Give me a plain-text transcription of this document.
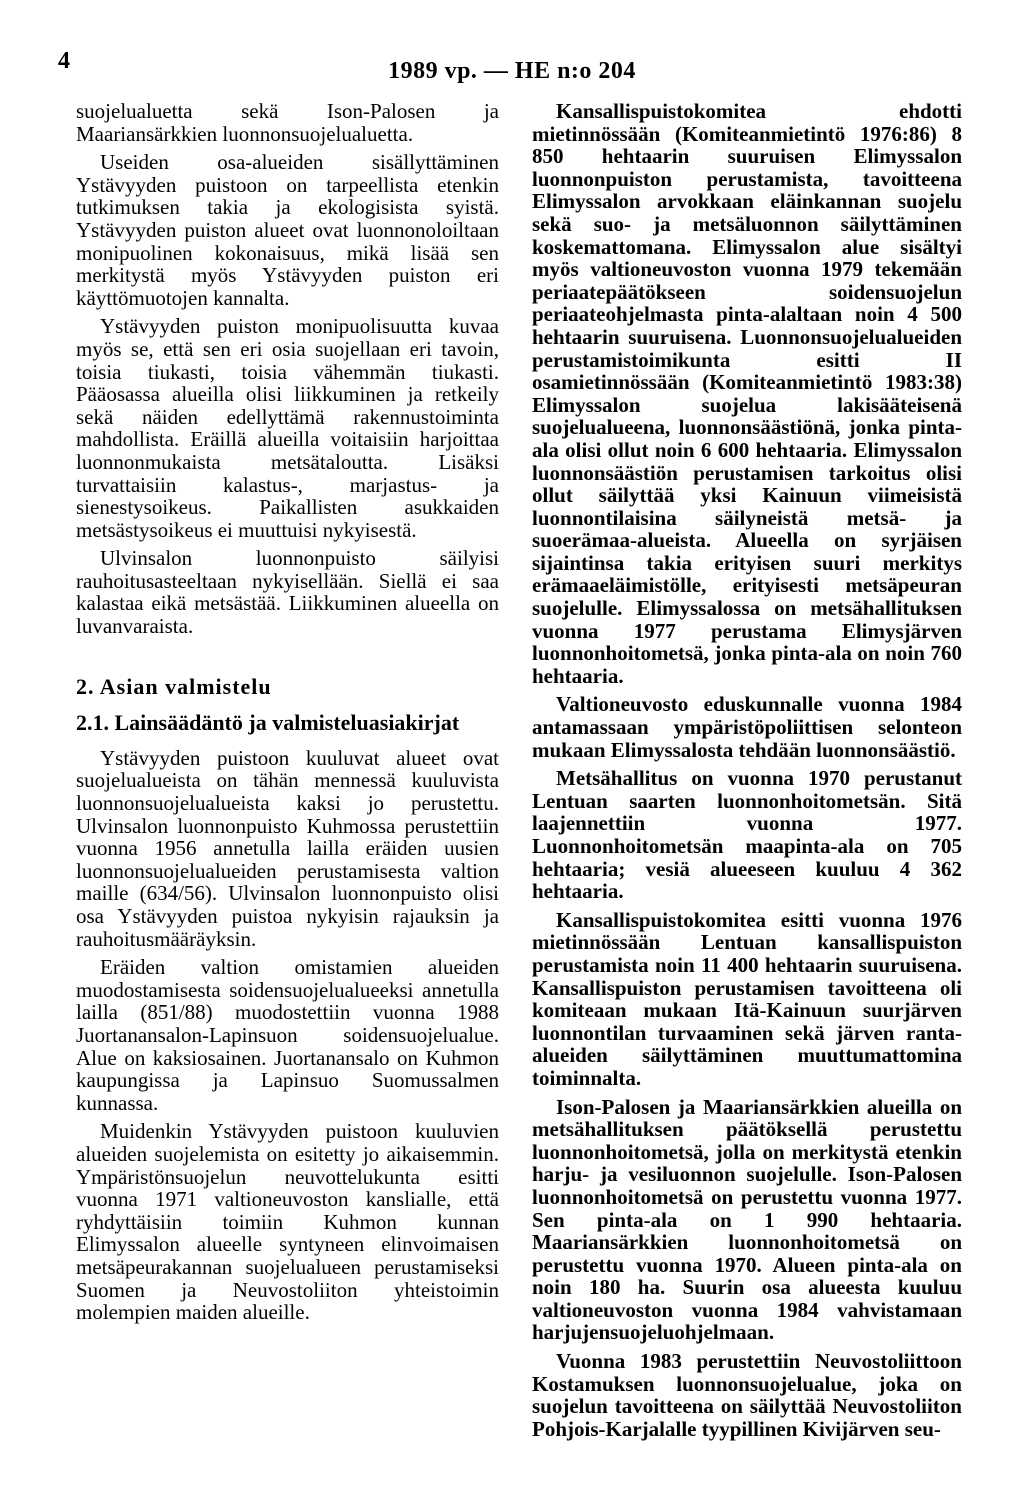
4	1989 vp. — HE n:o 204

suojelualuetta sekä Ison-Palosen ja Maariansärkkien luonnonsuojelualuetta.

Useiden osa-alueiden sisällyttäminen Ystävyyden puistoon on tarpeellista etenkin tutkimuksen takia ja ekologisista syistä. Ystävyyden puiston alueet ovat luonnonoloiltaan monipuolinen kokonaisuus, mikä lisää sen merkitystä myös Ystävyyden puiston eri käyttömuotojen kannalta.

Ystävyyden puiston monipuolisuutta kuvaa myös se, että sen eri osia suojellaan eri tavoin, toisia tiukasti, toisia vähemmän tiukasti. Pääosassa alueilla olisi liikkuminen ja retkeily sekä näiden edellyttämä rakennustoiminta mahdollista. Eräillä alueilla voitaisiin harjoittaa luonnonmukaista metsätaloutta. Lisäksi turvattaisiin kalastus-, marjastus- ja sienestysoikeus. Paikallisten asukkaiden metsästysoikeus ei muuttuisi nykyisestä.

Ulvinsalon luonnonpuisto säilyisi rauhoitusasteeltaan nykyisellään. Siellä ei saa kalastaa eikä metsästää. Liikkuminen alueella on luvanvaraista.

2. Asian valmistelu

2.1. Lainsäädäntö ja valmisteluasiakirjat

Ystävyyden puistoon kuuluvat alueet ovat suojelualueista on tähän mennessä kuuluvista luonnonsuojelualueista kaksi jo perustettu. Ulvinsalon luonnonpuisto Kuhmossa perustettiin vuonna 1956 annetulla lailla eräiden uusien luonnonsuojelualueiden perustamisesta valtion maille (634/56). Ulvinsalon luonnonpuisto olisi osa Ystävyyden puistoa nykyisin rajauksin ja rauhoitusmääräyksin.

Eräiden valtion omistamien alueiden muodostamisesta soidensuojelualueeksi annetulla lailla (851/88) muodostettiin vuonna 1988 Juortanansalon-Lapinsuon soidensuojelualue. Alue on kaksiosainen. Juortanansalo on Kuhmon kaupungissa ja Lapinsuo Suomussalmen kunnassa.

Muidenkin Ystävyyden puistoon kuuluvien alueiden suojelemista on esitetty jo aikaisemmin. Ympäristönsuojelun neuvottelukunta esitti vuonna 1971 valtioneuvoston kanslialle, että ryhdyttäisiin toimiin Kuhmon kunnan Elimyssalon alueelle syntyneen elinvoimaisen metsäpeurakannan suojelualueen perustamiseksi Suomen ja Neuvostoliiton yhteistoimin molempien maiden alueille.

Kansallispuistokomitea ehdotti mietinnössään (Komiteanmietintö 1976:86) 8 850 hehtaarin suuruisen Elimyssalon luonnonpuiston perustamista, tavoitteena Elimyssalon arvokkaan eläinkannan suojelu sekä suo- ja metsäluonnon säilyttäminen koskemattomana. Elimyssalon alue sisältyi myös valtioneuvoston vuonna 1979 tekemään periaatepäätökseen soidensuojelun periaateohjelmasta pinta-alaltaan noin 4 500 hehtaarin suuruisena. Luonnonsuojelualueiden perustamistoimikunta esitti II osamietinnössään (Komiteanmietintö 1983:38) Elimyssalon suojelua lakisääteisenä suojelualueena, luonnonsäästiönä, jonka pinta-ala olisi ollut noin 6 600 hehtaaria. Elimyssalon luonnonsäästiön perustamisen tarkoitus olisi ollut säilyttää yksi Kainuun viimeisistä luonnontilaisina säilyneistä metsä- ja suoerämaa-alueista. Alueella on syrjäisen sijaintinsa takia erityisen suuri merkitys erämaaeläimistölle, erityisesti metsäpeuran suojelulle. Elimyssalossa on metsähallituksen vuonna 1977 perustama Elimysjärven luonnonhoitometsä, jonka pinta-ala on noin 760 hehtaaria.

Valtioneuvosto eduskunnalle vuonna 1984 antamassaan ympäristöpoliittisen selonteon mukaan Elimyssalosta tehdään luonnonsäästiö.

Metsähallitus on vuonna 1970 perustanut Lentuan saarten luonnonhoitometsän. Sitä laajennettiin vuonna 1977. Luonnonhoitometsän maapinta-ala on 705 hehtaaria; vesiä alueeseen kuuluu 4 362 hehtaaria.

Kansallispuistokomitea esitti vuonna 1976 mietinnössään Lentuan kansallispuiston perustamista noin 11 400 hehtaarin suuruisena. Kansallispuiston perustamisen tavoitteena oli komiteaan mukaan Itä-Kainuun suurjärven luonnontilan turvaaminen sekä järven ranta-alueiden säilyttäminen muuttumattomina toiminnalta.

Ison-Palosen ja Maariansärkkien alueilla on metsähallituksen päätöksellä perustettu luonnonhoitometsä, jolla on merkitystä etenkin harju- ja vesiluonnon suojelulle. Ison-Palosen luonnonhoitometsä on perustettu vuonna 1977. Sen pinta-ala on 1 990 hehtaaria. Maariansärkkien luonnonhoitometsä on perustettu vuonna 1970. Alueen pinta-ala on noin 180 ha. Suurin osa alueesta kuuluu valtioneuvoston vuonna 1984 vahvistamaan harjujensuojeluohjelmaan.

Vuonna 1983 perustettiin Neuvostoliittoon Kostamuksen luonnonsuojelualue, joka on suojelun tavoitteena on säilyttää Neuvostoliiton Pohjois-Karjalalle tyypillinen Kivijärven seu-
